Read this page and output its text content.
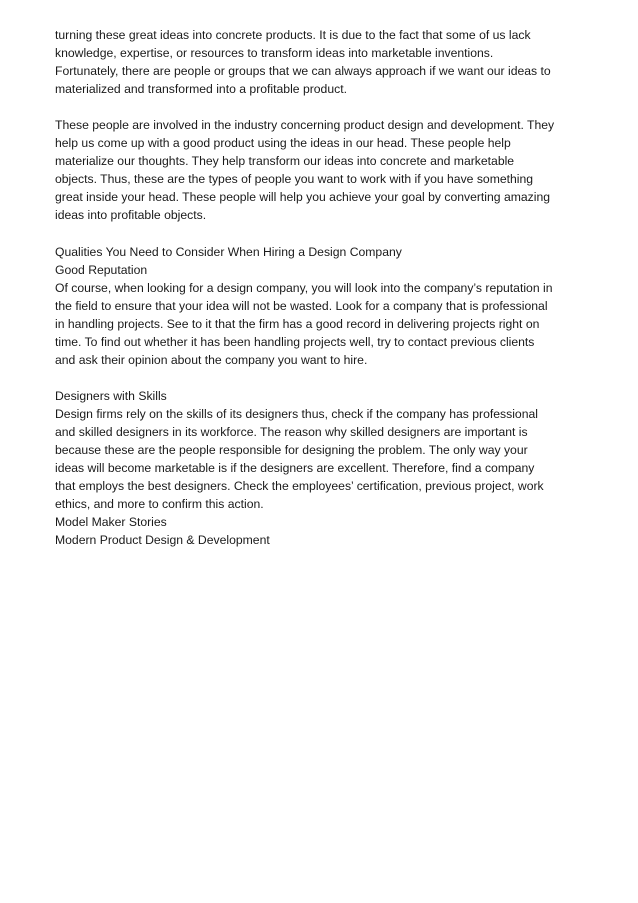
turning these great ideas into concrete products. It is due to the fact that some of us lack
knowledge, expertise, or resources to transform ideas into marketable inventions.
Fortunately, there are people or groups that we can always approach if we want our ideas to
materialized and transformed into a profitable product.
These people are involved in the industry concerning product design and development. They
help us come up with a good product using the ideas in our head. These people help
materialize our thoughts. They help transform our ideas into concrete and marketable
objects. Thus, these are the types of people you want to work with if you have something
great inside your head. These people will help you achieve your goal by converting amazing
ideas into profitable objects.
Qualities You Need to Consider When Hiring a Design Company
Good Reputation
Of course, when looking for a design company, you will look into the company’s reputation in
the field to ensure that your idea will not be wasted. Look for a company that is professional
in handling projects. See to it that the firm has a good record in delivering projects right on
time. To find out whether it has been handling projects well, try to contact previous clients
and ask their opinion about the company you want to hire.
Designers with Skills
Design firms rely on the skills of its designers thus, check if the company has professional
and skilled designers in its workforce. The reason why skilled designers are important is
because these are the people responsible for designing the problem. The only way your
ideas will become marketable is if the designers are excellent. Therefore, find a company
that employs the best designers. Check the employees’ certification, previous project, work
ethics, and more to confirm this action.
Model Maker Stories
Modern Product Design & Development
